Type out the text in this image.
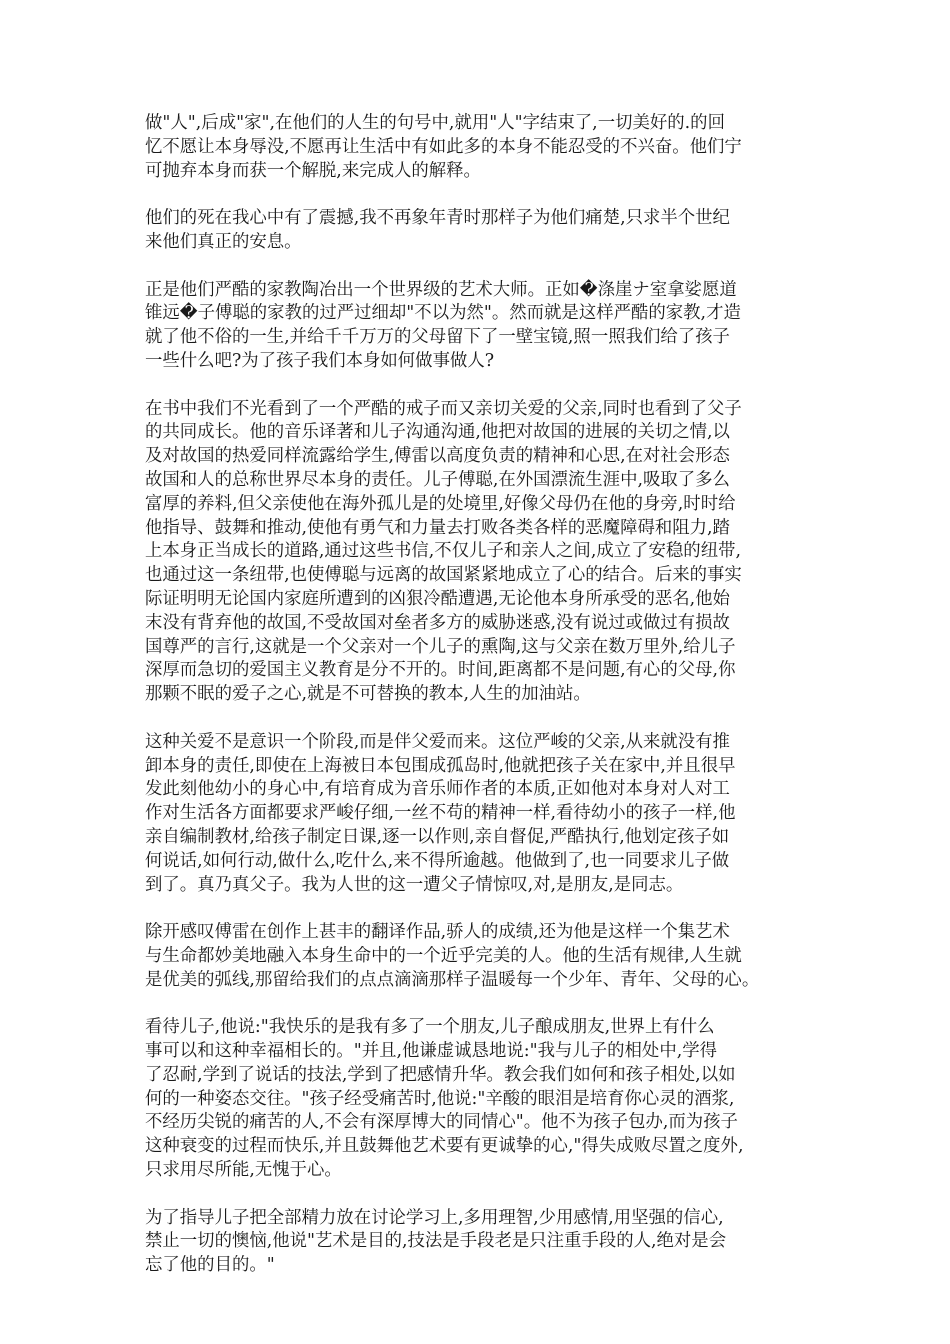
做"人",后成"家",在他们的人生的句号中,就用"人"字结束了,一切美好的.的回
忆不愿让本身辱没,不愿再让生活中有如此多的本身不能忍受的不兴奋。他们宁
可抛弃本身而获一个解脱,来完成人的解释。

他们的死在我心中有了震撼,我不再象年青时那样子为他们痛楚,只求半个世纪
来他们真正的安息。

正是他们严酷的家教陶冶出一个世界级的艺术大师。正如�涤崖ナ室拿娑愿道
锥远�子傅聪的家教的过严过细却"不以为然"。然而就是这样严酷的家教,才造
就了他不俗的一生,并给千千万万的父母留下了一壁宝镜,照一照我们给了孩子
一些什么吧?为了孩子我们本身如何做事做人?

在书中我们不光看到了一个严酷的戒子而又亲切关爱的父亲,同时也看到了父子
的共同成长。他的音乐译著和儿子沟通沟通,他把对故国的进展的关切之情,以
及对故国的热爱同样流露给学生,傅雷以高度负责的精神和心思,在对社会形态
故国和人的总称世界尽本身的责任。儿子傅聪,在外国漂流生涯中,吸取了多么
富厚的养料,但父亲使他在海外孤儿是的处境里,好像父母仍在他的身旁,时时给
他指导、鼓舞和推动,使他有勇气和力量去打败各类各样的恶魔障碍和阻力,踏
上本身正当成长的道路,通过这些书信,不仅儿子和亲人之间,成立了安稳的纽带,
也通过这一条纽带,也使傅聪与远离的故国紧紧地成立了心的结合。后来的事实
际证明明无论国内家庭所遭到的凶狠冷酷遭遇,无论他本身所承受的恶名,他始
末没有背弃他的故国,不受故国对垒者多方的威胁迷惑,没有说过或做过有损故
国尊严的言行,这就是一个父亲对一个儿子的熏陶,这与父亲在数万里外,给儿子
深厚而急切的爱国主义教育是分不开的。时间,距离都不是问题,有心的父母,你
那颗不眠的爱子之心,就是不可替换的教本,人生的加油站。

这种关爱不是意识一个阶段,而是伴父爱而来。这位严峻的父亲,从来就没有推
卸本身的责任,即使在上海被日本包围成孤岛时,他就把孩子关在家中,并且很早
发此刻他幼小的身心中,有培育成为音乐师作者的本质,正如他对本身对人对工
作对生活各方面都要求严峻仔细,一丝不苟的精神一样,看待幼小的孩子一样,他
亲自编制教材,给孩子制定日课,逐一以作则,亲自督促,严酷执行,他划定孩子如
何说话,如何行动,做什么,吃什么,来不得所逾越。他做到了,也一同要求儿子做
到了。真乃真父子。我为人世的这一遭父子情惊叹,对,是朋友,是同志。

除开感叹傅雷在创作上甚丰的翻译作品,骄人的成绩,还为他是这样一个集艺术
与生命都妙美地融入本身生命中的一个近乎完美的人。他的生活有规律,人生就
是优美的弧线,那留给我们的点点滴滴那样子温暖每一个少年、青年、父母的心。

看待儿子,他说:"我快乐的是我有多了一个朋友,儿子酿成朋友,世界上有什么
事可以和这种幸福相长的。"并且,他谦虚诚恳地说:"我与儿子的相处中,学得
了忍耐,学到了说话的技法,学到了把感情升华。教会我们如何和孩子相处,以如
何的一种姿态交往。"孩子经受痛苦时,他说:"辛酸的眼泪是培育你心灵的酒浆,
不经历尖锐的痛苦的人,不会有深厚博大的同情心"。他不为孩子包办,而为孩子
这种衰变的过程而快乐,并且鼓舞他艺术要有更诚挚的心,"得失成败尽置之度外,
只求用尽所能,无愧于心。

为了指导儿子把全部精力放在讨论学习上,多用理智,少用感情,用坚强的信心,
禁止一切的懊恼,他说"艺术是目的,技法是手段老是只注重手段的人,绝对是会
忘了他的目的。"
